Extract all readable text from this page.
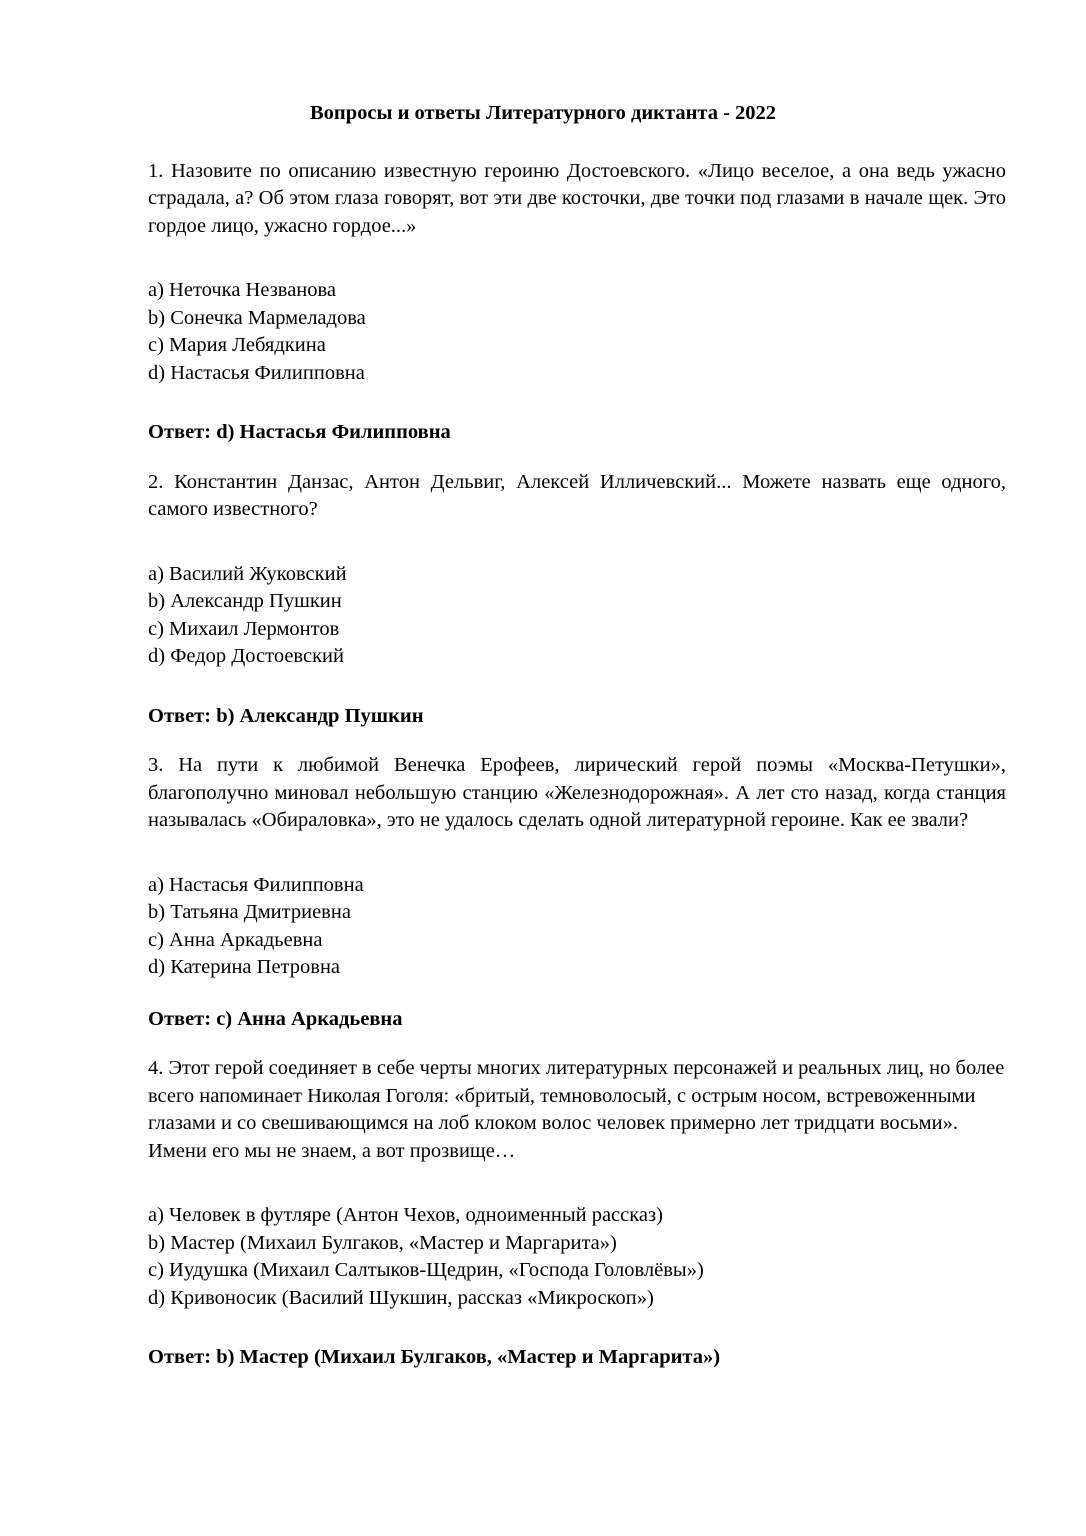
Вопросы и ответы Литературного диктанта - 2022

1. Назовите по описанию известную героиню Достоевского. «Лицо веселое, а она ведь ужасно страдала, а? Об этом глаза говорят, вот эти две косточки, две точки под глазами в начале щек. Это гордое лицо, ужасно гордое...»

a) Неточка Незванова
b) Сонечка Мармеладова
c) Мария Лебядкина
d) Настасья Филипповна

Ответ: d) Настасья Филипповна

2. Константин Данзас, Антон Дельвиг, Алексей Илличевский... Можете назвать еще одного, самого известного?

a) Василий Жуковский
b) Александр Пушкин
c) Михаил Лермонтов
d) Федор Достоевский

Ответ: b) Александр Пушкин

3. На пути к любимой Венечка Ерофеев, лирический герой поэмы «Москва-Петушки», благополучно миновал небольшую станцию «Железнодорожная». А лет сто назад, когда станция называлась «Обираловка», это не удалось сделать одной литературной героине. Как ее звали?

a) Настасья Филипповна
b) Татьяна Дмитриевна
c) Анна Аркадьевна
d) Катерина Петровна

Ответ: c) Анна Аркадьевна

4. Этот герой соединяет в себе черты многих литературных персонажей и реальных лиц, но более всего напоминает Николая Гоголя: «бритый, темноволосый, с острым носом, встревоженными глазами и со свешивающимся на лоб клоком волос человек примерно лет тридцати восьми». Имени его мы не знаем, а вот прозвище…

a) Человек в футляре (Антон Чехов, одноименный рассказ)
b) Мастер (Михаил Булгаков, «Мастер и Маргарита»)
c) Иудушка (Михаил Салтыков-Щедрин, «Господа Головлёвы»)
d) Кривоносик (Василий Шукшин, рассказ «Микроскоп»)

Ответ: b) Мастер (Михаил Булгаков, «Мастер и Маргарита»)
